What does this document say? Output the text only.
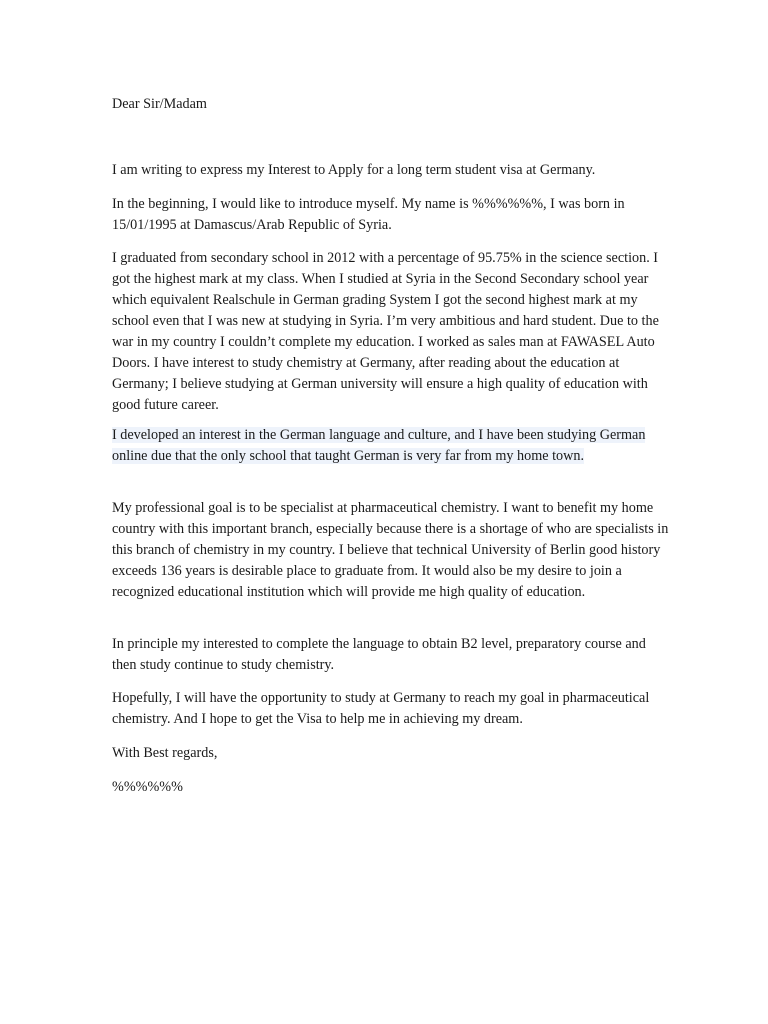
Dear Sir/Madam

I am writing to express my Interest to Apply for a long term student visa at Germany.

In the beginning, I would like to introduce myself. My name is %%%%%%, I was born in 15/01/1995 at Damascus/Arab Republic of Syria.

I graduated from secondary school in 2012 with a percentage of 95.75% in the science section. I got the highest mark at my class. When I studied at Syria in the Second Secondary school year which equivalent Realschule in German grading System I got the second highest mark at my school even that I was new at studying in Syria. I’m very ambitious and hard student. Due to the war in my country I couldn’t complete my education. I worked as sales man at FAWASEL Auto Doors. I have interest to study chemistry at Germany, after reading about the education at Germany; I believe studying at German university will ensure a high quality of education with good future career.

I developed an interest in the German language and culture, and I have been studying German online due that the only school that taught German is very far from my home town.

My professional goal is to be specialist at pharmaceutical chemistry. I want to benefit my home country with this important branch, especially because there is a shortage of who are specialists in this branch of chemistry in my country. I believe that technical University of Berlin good history exceeds 136 years is desirable place to graduate from. It would also be my desire to join a recognized educational institution which will provide me high quality of education.

In principle my interested to complete the language to obtain B2 level, preparatory course and then study continue to study chemistry.

Hopefully, I will have the opportunity to study at Germany to reach my goal in pharmaceutical chemistry. And I hope to get the Visa to help me in achieving my dream.

With Best regards,

%%%%%%
